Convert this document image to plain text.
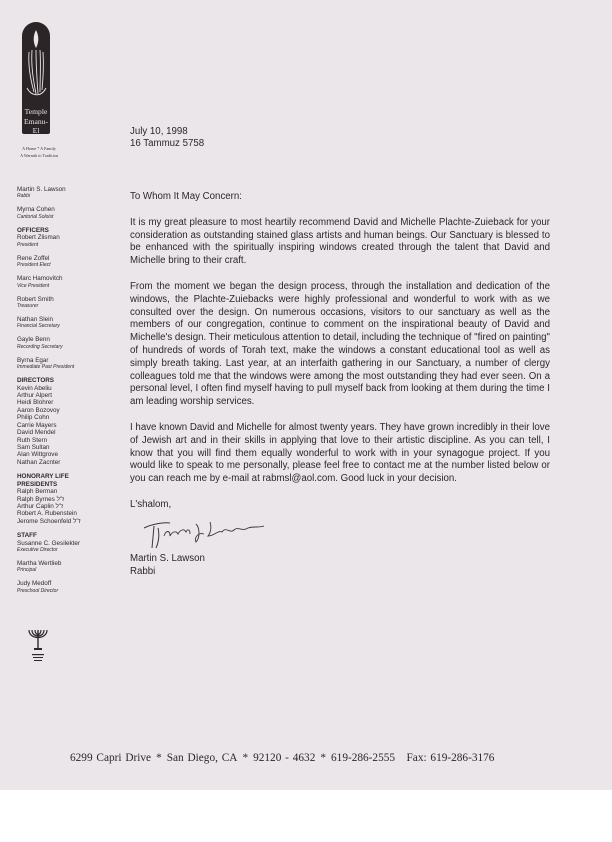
Temple
Emanu-El
A Home * A Family
A Warmth to Tradition
Martin S. Lawson
Rabbi
Myrna Cohen
Cantorial Soloist
OFFICERS
Robert Zlisman
President
Rene Zoffel
President Elect
Marc Hamovitch
Vice President
Robert Smith
Treasurer
Nathan Slein
Financial Secretary
Gayle Benn
Recording Secretary
Byrna Egar
Immediate Past President
DIRECTORS
Kevin Abeliu
Arthur Alpert
Heidi Blohrer
Aaron Bozovoy
Philip Cohn
Carrie Mayers
David Mendel
Ruth Stern
Sam Sultan
Alan Wittgrove
Nathan Zacnter
HONORARY LIFE
PRESIDENTS
Ralph Berman
Ralph Byrnes ז"ל
Arthur Caplin ז"ל
Robert A. Rubenstein
Jerome Schoenfeld ז"ל
STAFF
Susanne C. Gesilekter
Executive Director
Martha Wertlieb
Principal
Judy Medoff
Preschool Director
July 10, 1998
16 Tammuz 5758
To Whom It May Concern:
It is my great pleasure to most heartily recommend David and Michelle Plachte-Zuieback for your consideration as outstanding stained glass artists and human beings. Our Sanctuary is blessed to be enhanced with the spiritually inspiring windows created through the talent that David and Michelle bring to their craft.
From the moment we began the design process, through the installation and dedication of the windows, the Plachte-Zuiebacks were highly professional and wonderful to work with as we consulted over the design. On numerous occasions, visitors to our sanctuary as well as the members of our congregation, continue to comment on the inspirational beauty of David and Michelle's design. Their meticulous attention to detail, including the technique of "fired on painting" of hundreds of words of Torah text, make the windows a constant educational tool as well as simply breath taking. Last year, at an interfaith gathering in our Sanctuary, a number of clergy colleagues told me that the windows were among the most outstanding they had ever seen. On a personal level, I often find myself having to pull myself back from looking at them during the time I am leading worship services.
I have known David and Michelle for almost twenty years. They have grown incredibly in their love of Jewish art and in their skills in applying that love to their artistic discipline. As you can tell, I know that you will find them equally wonderful to work with in your synagogue project. If you would like to speak to me personally, please feel free to contact me at the number listed below or you can reach me by e-mail at rabmsl@aol.com. Good luck in your decision.
L'shalom,
Martin S. Lawson
Rabbi
6299 Capri Drive * San Diego, CA * 92120 - 4632 * 619-286-2555 Fax: 619-286-3176
